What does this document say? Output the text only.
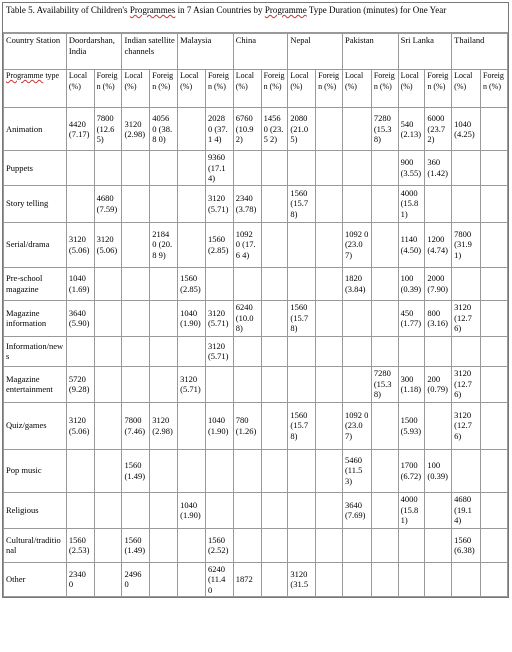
Table 5. Availability of Children's Programmes in 7 Asian Countries by Programme Type Duration (minutes) for One Year
Country Station	Doordarshan, India		Indian satellite channels		Malaysia		China		Nepal		Pakistan		Sri Lanka		Thailand	
Programme type	Local (%)	Foreign (%)	Local (%)	Foreign (%)	Local (%)	Foreign (%)	Local (%)	Foreign (%)	Local (%)	Foreign (%)	Local (%)	Foreign (%)	Local (%)	Foreign (%)	Local (%)	Foreign (%)
Animation	4420 (7.17)	7800 (12.65)	3120 (2.98)	4056 0 (38.8 0)		2028 0 (37.1 4)	6760 (10.9 2)	1456 0 (23.5 2)	2080 (21.0 5)			7280 (15.3 8)	540 (2.13)	6000 (23.7 2)	1040 (4.25)	
Puppets						9360 (17.1 4)							900 (3.55)	360 (1.42)		
Story telling		4680 (7.59)				3120 (5.71)	2340 (3.78)		1560 (15.7 8)				4000 (15.8 1)			
Serial/drama	3120 (5.06)	3120 (5.06)		2184 0 (20.8 9)		1560 (2.85)	1092 0 (17.6 4)				1092 0 (23.0 7)		1140 (4.50)	1200 (4.74)	7800 (31.9 1)	
Pre-school magazine	1040 (1.69)				1560 (2.85)						1820 (3.84)		100 (0.39)	2000 (7.90)		
Magazine information	3640 (5.90)				1040 (1.90)	3120 (5.71)	6240 (10.0 8)		1560 (15.7 8)				450 (1.77)	800 (3.16)	3120 (12.7 6)	
Information/news						3120 (5.71)										
Magazine entertainment	5720 (9.28)				3120 (5.71)							7280 (15.3 8)	300 (1.18)	200 (0.79)	3120 (12.7 6)	
Quiz/games	3120 (5.06)		7800 (7.46)	3120 (2.98)		1040 (1.90)	780 (1.26)		1560 (15.7 8)		1092 0 (23.0 7)		1500 (5.93)		3120 (12.7 6)	
Pop music			1560 (1.49)								5460 (11.5 3)		1700 (6.72)	100 (0.39)		
Religious					1040 (1.90)						3640 (7.69)		4000 (15.8 1)		4680 (19.1 4)	
Cultural/traditional	1560 (2.53)		1560 (1.49)			1560 (2.52)									1560 (6.38)	
Other	2340 0		2496 0			6240 (11.4 0	1872		3120 (31.5							
